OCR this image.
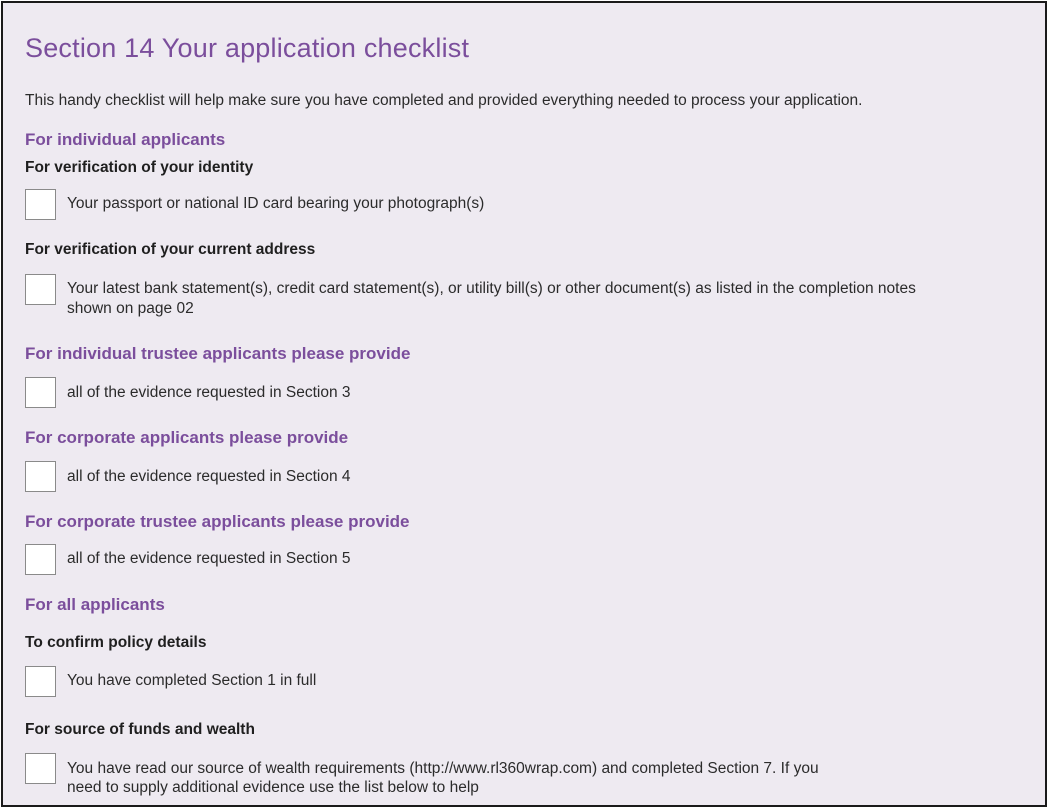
Section 14 Your application checklist
This handy checklist will help make sure you have completed and provided everything needed to process your application.
For individual applicants
For verification of your identity
Your passport or national ID card bearing your photograph(s)
For verification of your current address
Your latest bank statement(s), credit card statement(s), or utility bill(s) or other document(s) as listed in the completion notes
shown on page 02
For individual trustee applicants please provide
all of the evidence requested in Section 3
For corporate applicants please provide
all of the evidence requested in Section 4
For corporate trustee applicants please provide
all of the evidence requested in Section 5
For all applicants
To confirm policy details
You have completed Section 1 in full
For source of funds and wealth
You have read our source of wealth requirements (http://www.rl360wrap.com) and completed Section 7. If you
need to supply additional evidence use the list below to help
